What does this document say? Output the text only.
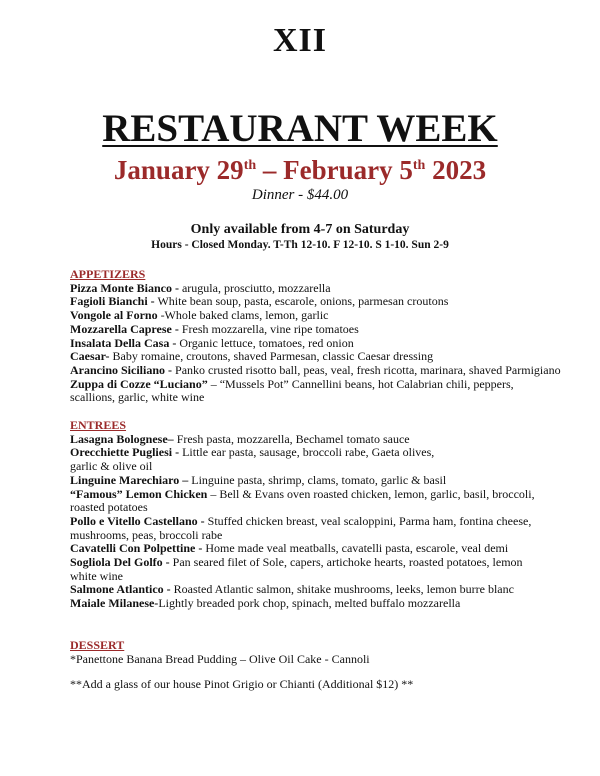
XII
RESTAURANT WEEK
January 29th – February 5th 2023
Dinner - $44.00
Only available from 4-7 on Saturday
Hours - Closed Monday. T-Th 12-10. F 12-10. S 1-10. Sun 2-9
APPETIZERS
Pizza Monte Bianco - arugula, prosciutto, mozzarella
Fagioli Bianchi - White bean soup, pasta, escarole, onions, parmesan croutons
Vongole al Forno -Whole baked clams, lemon, garlic
Mozzarella Caprese - Fresh mozzarella, vine ripe tomatoes
Insalata Della Casa - Organic lettuce, tomatoes, red onion
Caesar- Baby romaine, croutons, shaved Parmesan, classic Caesar dressing
Arancino Siciliano - Panko crusted risotto ball, peas, veal, fresh ricotta, marinara, shaved Parmigiano
Zuppa di Cozze “Luciano” – “Mussels Pot” Cannellini beans, hot Calabrian chili, peppers,
scallions, garlic, white wine
ENTREES
Lasagna Bolognese– Fresh pasta, mozzarella, Bechamel tomato sauce
Orecchiette Pugliesi - Little ear pasta, sausage, broccoli rabe, Gaeta olives,
garlic & olive oil
Linguine Marechiaro – Linguine pasta, shrimp, clams, tomato, garlic & basil
“Famous” Lemon Chicken – Bell & Evans oven roasted chicken, lemon, garlic, basil, broccoli,
roasted potatoes
Pollo e Vitello Castellano - Stuffed chicken breast, veal scaloppini, Parma ham, fontina cheese,
mushrooms, peas, broccoli rabe
Cavatelli Con Polpettine - Home made veal meatballs, cavatelli pasta, escarole, veal demi
Sogliola Del Golfo - Pan seared filet of Sole, capers, artichoke hearts, roasted potatoes, lemon
white wine
Salmone Atlantico - Roasted Atlantic salmon, shitake mushrooms, leeks, lemon burre blanc
Maiale Milanese-Lightly breaded pork chop, spinach, melted buffalo mozzarella
DESSERT
*Panettone Banana Bread Pudding – Olive Oil Cake - Cannoli
**Add a glass of our house Pinot Grigio or Chianti (Additional $12) **
